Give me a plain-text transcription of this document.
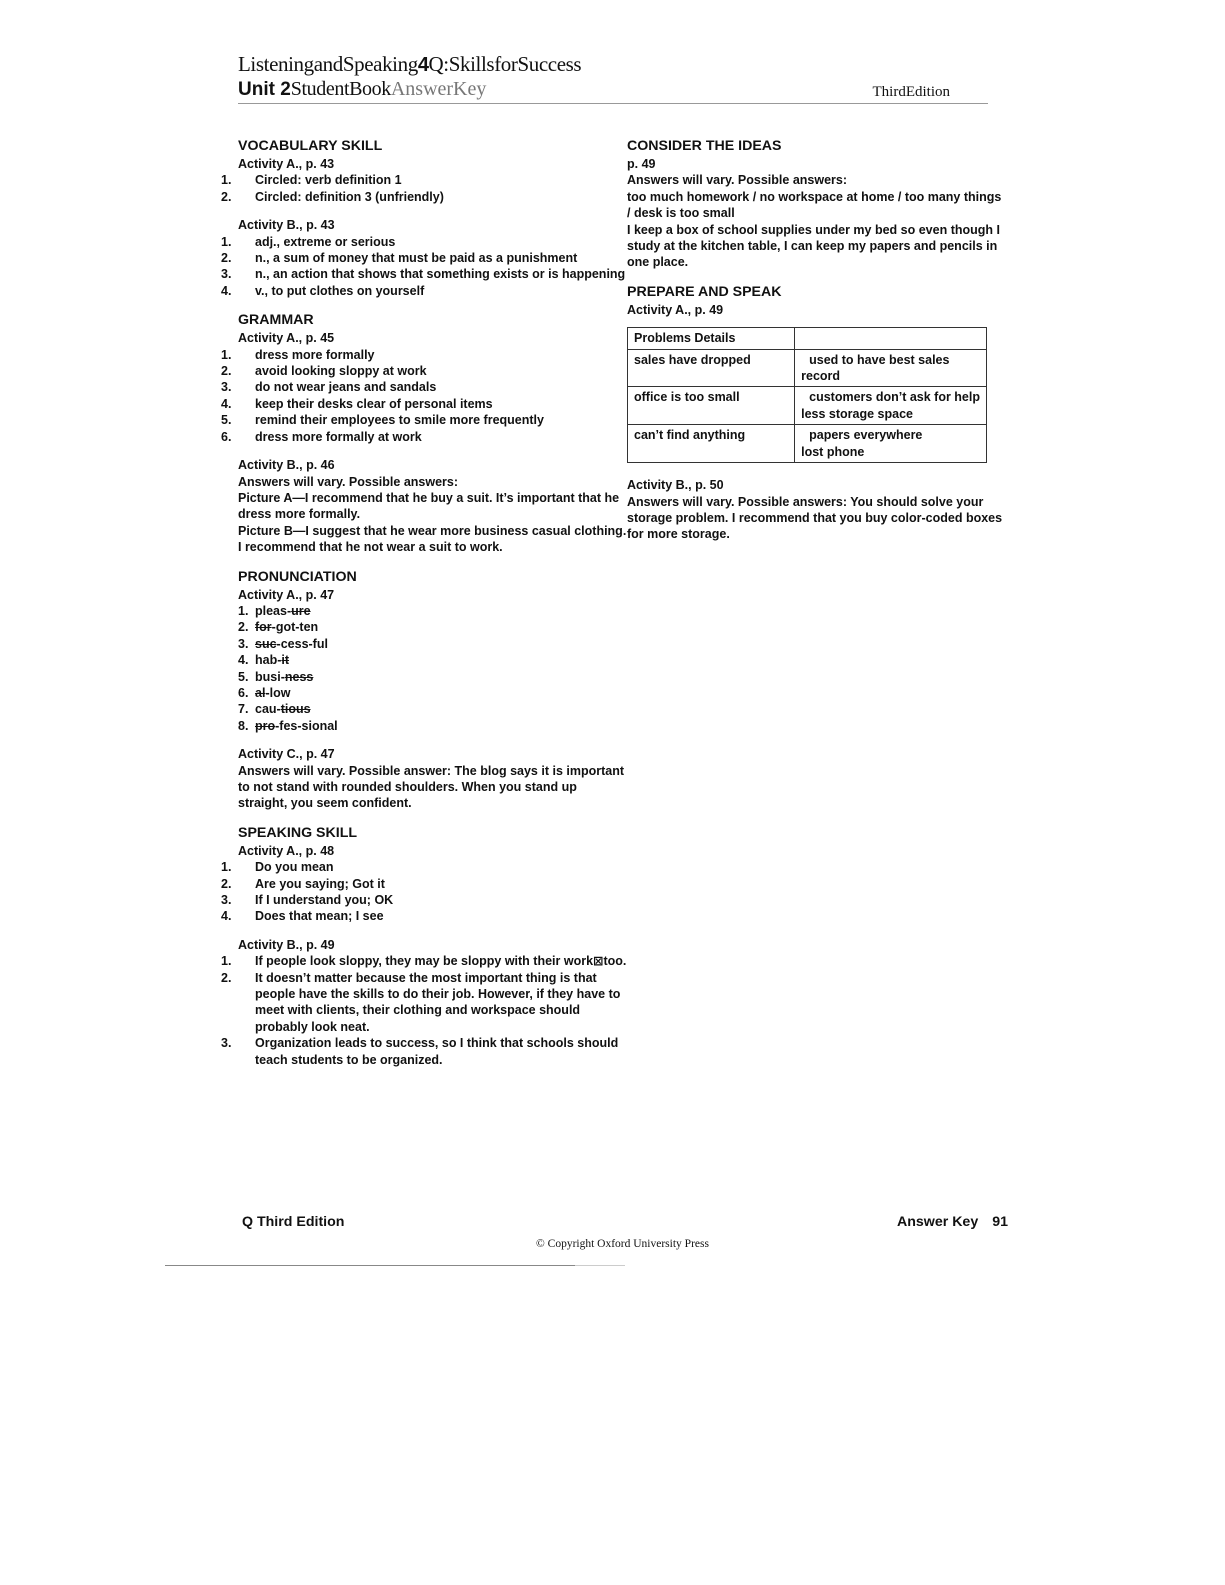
ListeningandSpeaking4Q:SkillsforSuccess
Unit 2StudentBookAnswerKey	ThirdEdition
VOCABULARY SKILL

Activity A., p. 43

1. Circled: verb definition 1

2. Circled: definition 3 (unfriendly)

Activity B., p. 43

1. adj., extreme or serious

2. n., a sum of money that must be paid as a punishment

3. n., an action that shows that something exists or is happening

4. v., to put clothes on yourself

GRAMMAR

Activity A., p. 45

1. dress more formally

2. avoid looking sloppy at work

3. do not wear jeans and sandals

4. keep their desks clear of personal items

5. remind their employees to smile more frequently

6. dress more formally at work

Activity B., p. 46

Answers will vary. Possible answers:

Picture A—I recommend that he buy a suit. It’s important that he dress more formally.

Picture B—I suggest that he wear more business casual clothing. I recommend that he not wear a suit to work.

PRONUNCIATION

Activity A., p. 47

1. pleas-ure

2. for-got-ten

3. suc-cess-ful

4. hab-it

5. busi-ness

6. al-low

7. cau-tious

8. pro-fes-sional

Activity C., p. 47

Answers will vary. Possible answer: The blog says it is important to not stand with rounded shoulders. When you stand up straight, you seem confident.

SPEAKING SKILL

Activity A., p. 48

1. Do you mean

2. Are you saying; Got it

3. If I understand you; OK

4. Does that mean; I see

Activity B., p. 49

1. If people look sloppy, they may be sloppy with their work⊠too.

2. It doesn’t matter because the most important thing is that people have the skills to do their job. However, if they have to meet with clients, their clothing and workspace should probably look neat.

3. Organization leads to success, so I think that schools should teach students to be organized.

CONSIDER THE IDEAS

p. 49

Answers will vary. Possible answers:

too much homework / no workspace at home / too many things / desk is too small

I keep a box of school supplies under my bed so even though I study at the kitchen table, I can keep my papers and pencils in one place.

PREPARE AND SPEAK

Activity A., p. 49

Problems Details	
sales have dropped	used to have best sales
record

office is too small	customers don’t ask for help
less storage space

can’t find anything	papers everywhere
lost phone

Activity B., p. 50

Answers will vary. Possible answers: You should solve your storage problem. I recommend that you buy color-coded boxes for more storage.

Q Third Edition	Answer Key 91
© Copyright Oxford University Press
